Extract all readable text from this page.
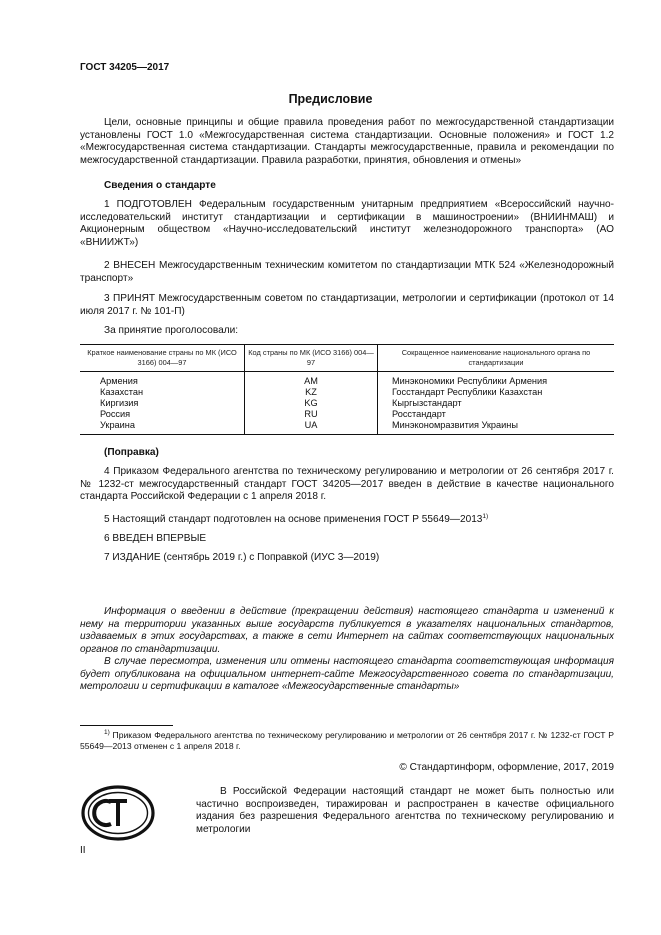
ГОСТ 34205—2017
Предисловие

Цели, основные принципы и общие правила проведения работ по межгосударственной стандартизации установлены ГОСТ 1.0 «Межгосударственная система стандартизации. Основные положения» и ГОСТ 1.2 «Межгосударственная система стандартизации. Стандарты межгосударственные, правила и рекомендации по межгосударственной стандартизации. Правила разработки, принятия, обновления и отмены»

Сведения о стандарте

1 ПОДГОТОВЛЕН Федеральным государственным унитарным предприятием «Всероссийский научно-исследовательский институт стандартизации и сертификации в машиностроении» (ВНИИНМАШ) и Акционерным обществом «Научно-исследовательский институт железнодорожного транспорта» (АО «ВНИИЖТ»)

2 ВНЕСЕН Межгосударственным техническим комитетом по стандартизации МТК 524 «Железнодорожный транспорт»

3 ПРИНЯТ Межгосударственным советом по стандартизации, метрологии и сертификации (протокол от 14 июля 2017 г. № 101-П)

За принятие проголосовали:
Краткое наименование страны по МК (ИСО 3166) 004—97	Код страны по МК (ИСО 3166) 004—97	Сокращенное наименование национального органа по стандартизации
Армения	AM	Минэкономики Республики Армения
Казахстан	KZ	Госстандарт Республики Казахстан
Киргизия	KG	Кыргызстандарт
Россия	RU	Росстандарт
Украина	UA	Минэкономразвития Украины
(Поправка)

4 Приказом Федерального агентства по техническому регулированию и метрологии от 26 сентября 2017 г. № 1232-ст межгосударственный стандарт ГОСТ 34205—2017 введен в действие в качестве национального стандарта Российской Федерации с 1 апреля 2018 г.

5 Настоящий стандарт подготовлен на основе применения ГОСТ Р 55649—2013$^{1)}$

6 ВВЕДЕН ВПЕРВЫЕ
7 ИЗДАНИЕ (сентябрь 2019 г.) с Поправкой (ИУС 3—2019)

Информация о введении в действие (прекращении действия) настоящего стандарта и изменений к нему на территории указанных выше государств публикуется в указателях национальных стандартов, издаваемых в этих государствах, а также в сети Интернет на сайтах соответствующих национальных органов по стандартизации.

В случае пересмотра, изменения или отмены настоящего стандарта соответствующая информация будет опубликована на официальном интернет-сайте Межгосударственного совета по стандартизации, метрологии и сертификации в каталоге «Межгосударственные стандарты»

$^{1)}$ Приказом Федерального агентства по техническому регулированию и метрологии от 26 сентября 2017 г. № 1232-ст ГОСТ Р 55649—2013 отменен с 1 апреля 2018 г.

© Стандартинформ, оформление, 2017, 2019

В Российской Федерации настоящий стандарт не может быть полностью или частично воспроизведен, тиражирован и распространен в качестве официального издания без разрешения Федерального агентства по техническому регулированию и метрологии

II
